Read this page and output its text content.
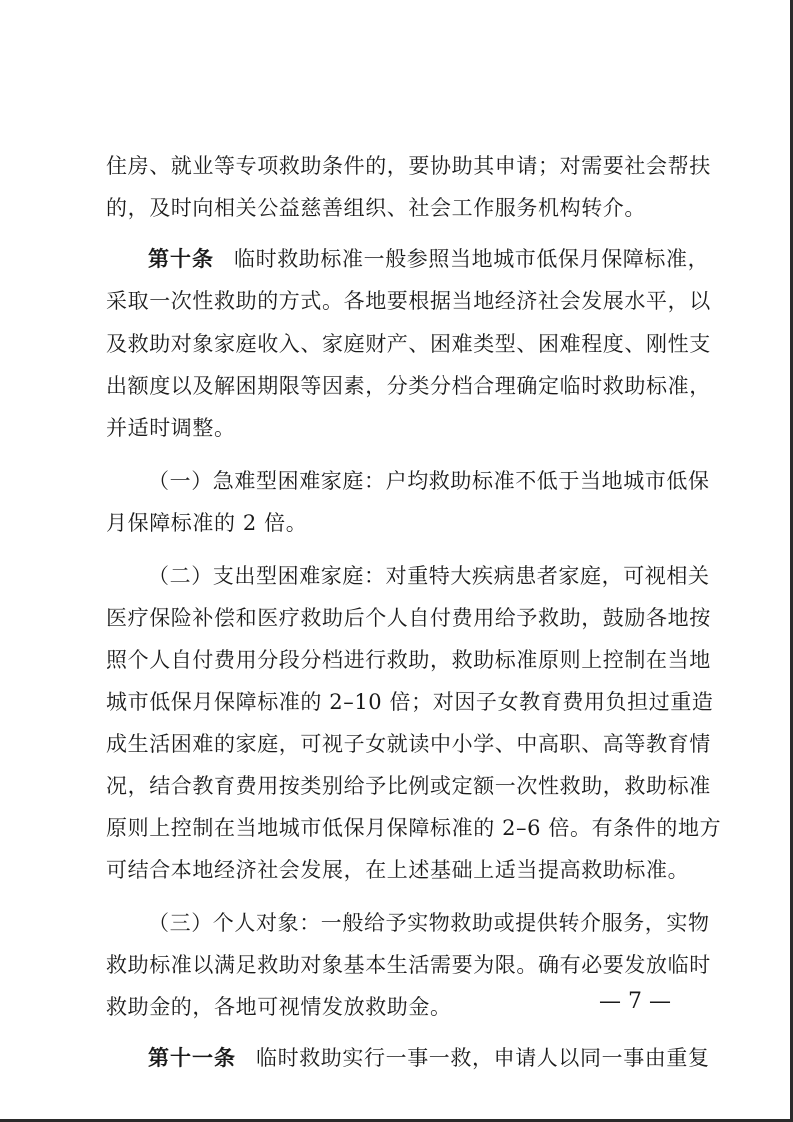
住房、就业等专项救助条件的，要协助其申请；对需要社会帮扶
的，及时向相关公益慈善组织、社会工作服务机构转介。
第十条 临时救助标准一般参照当地城市低保月保障标准，
采取一次性救助的方式。各地要根据当地经济社会发展水平，以
及救助对象家庭收入、家庭财产、困难类型、困难程度、刚性支
出额度以及解困期限等因素，分类分档合理确定临时救助标准，
并适时调整。
（一）急难型困难家庭：户均救助标准不低于当地城市低保
月保障标准的 2 倍。
（二）支出型困难家庭：对重特大疾病患者家庭，可视相关
医疗保险补偿和医疗救助后个人自付费用给予救助，鼓励各地按
照个人自付费用分段分档进行救助，救助标准原则上控制在当地
城市低保月保障标准的 2–10 倍；对因子女教育费用负担过重造
成生活困难的家庭，可视子女就读中小学、中高职、高等教育情
况，结合教育费用按类别给予比例或定额一次性救助，救助标准
原则上控制在当地城市低保月保障标准的 2–6 倍。有条件的地方
可结合本地经济社会发展，在上述基础上适当提高救助标准。
（三）个人对象：一般给予实物救助或提供转介服务，实物
救助标准以满足救助对象基本生活需要为限。确有必要发放临时
救助金的，各地可视情发放救助金。
第十一条 临时救助实行一事一救，申请人以同一事由重复
— 7 —
